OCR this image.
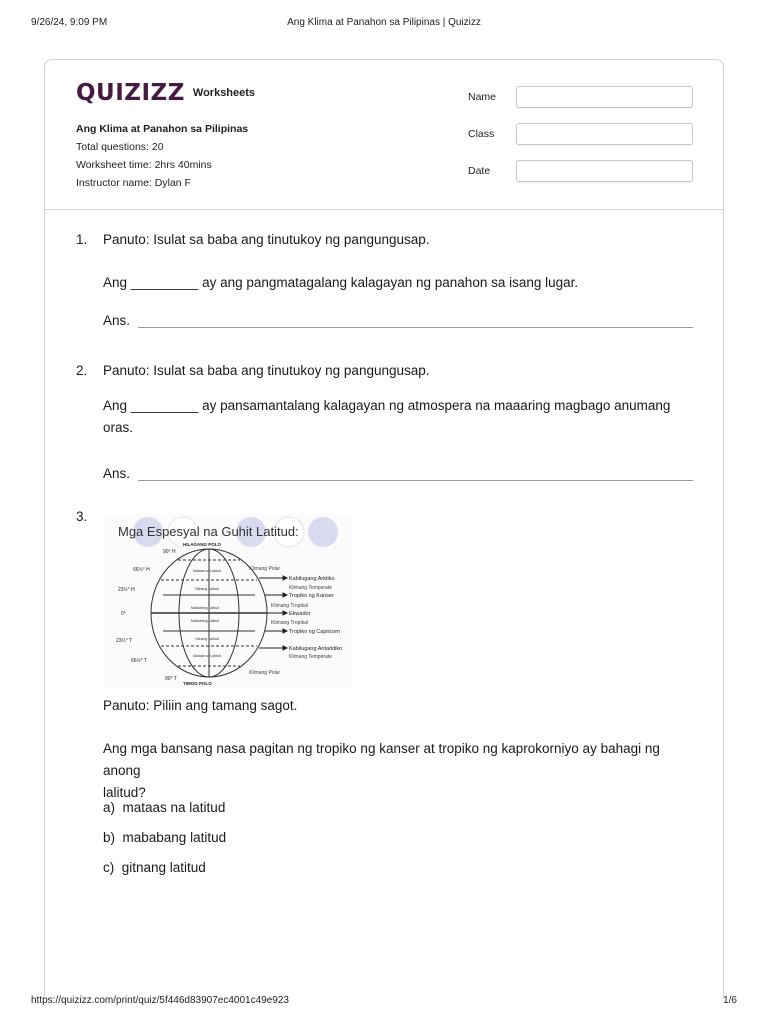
9/26/24, 9:09 PM	Ang Klima at Panahon sa Pilipinas | Quizizz
QUIZIZZ Worksheets
Ang Klima at Panahon sa Pilipinas
Total questions: 20
Worksheet time: 2hrs 40mins
Instructor name: Dylan F
Name
Class
Date
1. Panuto: Isulat sa baba ang tinutukoy ng pangungusap.
Ang _________ ay ang pangmatagalang kalagayan ng panahon sa isang lugar.
Ans.
2. Panuto: Isulat sa baba ang tinutukoy ng pangungusap.
Ang _________ ay pansamantalang kalagayan ng atmospera na maaaring magbago anumang
oras.
Ans.
3.
Mga Espesyal na Guhit Latitud:
HILAGANG POLO
TIMOG POLO
90° H
66½° H
23½° H
0°
23½° T
66½° T
90° T
Mataas na Latitud
Gitnang Latitud
Mababang Latitud
Mababang Latitud
Gitnang Latitud
Mataas na Latitud
Kabilugang Arktiko
Tropiko ng Kanser
Ekwador
Tropiko ng Capricorn
Kabilugang Antarktiko
Klimang Polar
Klimang Temperate
Klimang Tropikal
Klimang Tropikal
Klimang Temperate
Klimang Polar
Panuto: Piliin ang tamang sagot.
Ang mga bansang nasa pagitan ng tropiko ng kanser at tropiko ng kaprokorniyo ay bahagi ng anong
lalitud?
a)  mataas na latitud
b)  mababang latitud
c)  gitnang latitud
https://quizizz.com/print/quiz/5f446d83907ec4001c49e923	1/6
